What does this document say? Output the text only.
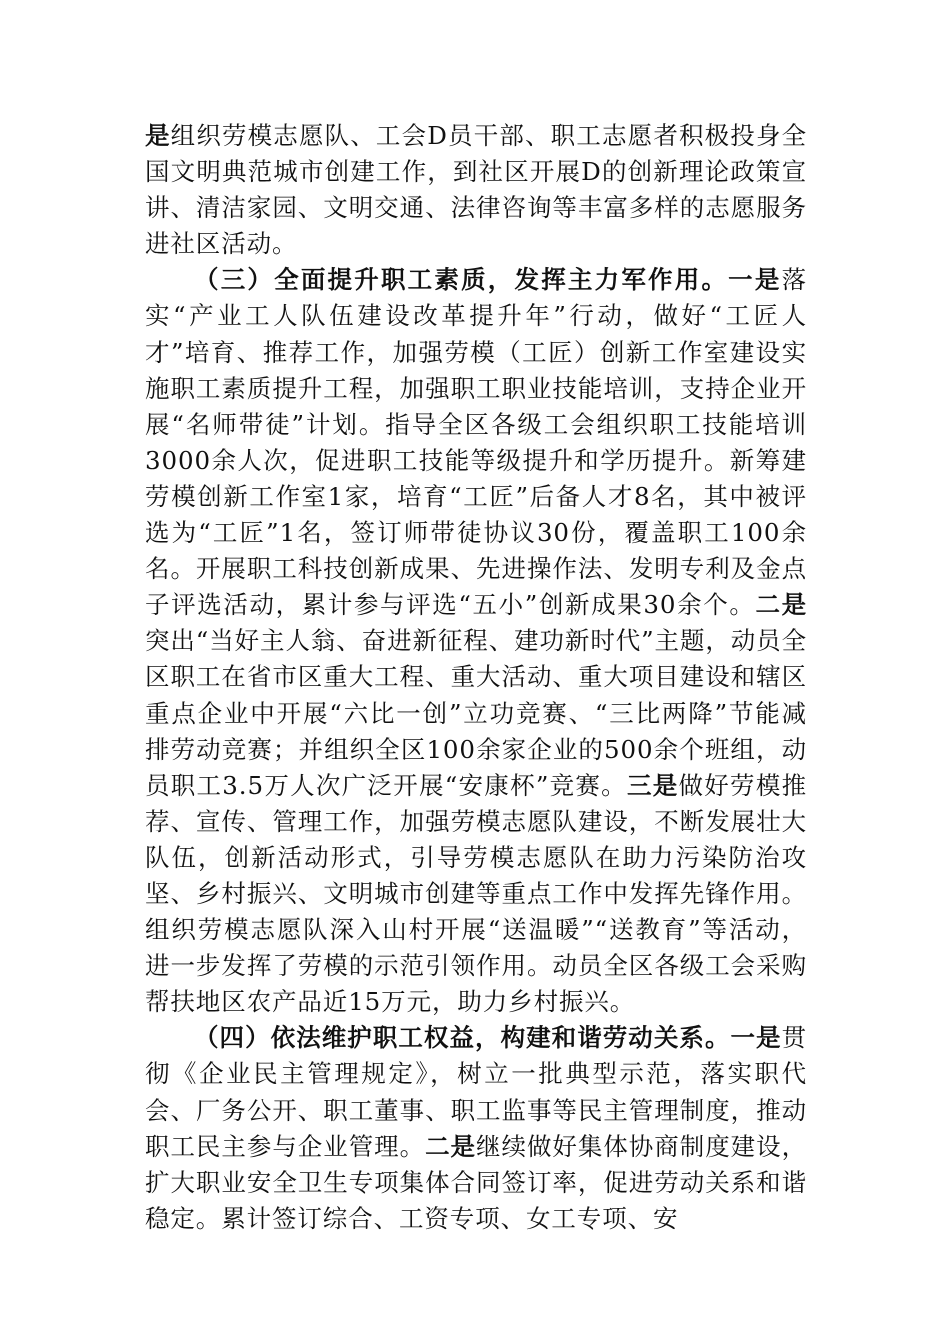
是组织劳模志愿队、工会D员干部、职工志愿者积极投身全国文明典范城市创建工作，到社区开展D的创新理论政策宣讲、清洁家园、文明交通、法律咨询等丰富多样的志愿服务进社区活动。

（三）全面提升职工素质，发挥主力军作用。一是落实“产业工人队伍建设改革提升年”行动，做好“工匠人才”培育、推荐工作，加强劳模（工匠）创新工作室建设实施职工素质提升工程，加强职工职业技能培训，支持企业开展“名师带徒”计划。指导全区各级工会组织职工技能培训3000余人次，促进职工技能等级提升和学历提升。新筹建劳模创新工作室1家，培育“工匠”后备人才8名，其中被评选为“工匠”1名，签订师带徒协议30份，覆盖职工100余名。开展职工科技创新成果、先进操作法、发明专利及金点子评选活动，累计参与评选“五小”创新成果30余个。二是突出“当好主人翁、奋进新征程、建功新时代”主题，动员全区职工在省市区重大工程、重大活动、重大项目建设和辖区重点企业中开展“六比一创”立功竞赛、“三比两降”节能减排劳动竞赛；并组织全区100余家企业的500余个班组，动员职工3.5万人次广泛开展“安康杯”竞赛。三是做好劳模推荐、宣传、管理工作，加强劳模志愿队建设，不断发展壮大队伍，创新活动形式，引导劳模志愿队在助力污染防治攻坚、乡村振兴、文明城市创建等重点工作中发挥先锋作用。组织劳模志愿队深入山村开展“送温暖”“送教育”等活动，进一步发挥了劳模的示范引领作用。动员全区各级工会采购帮扶地区农产品近15万元，助力乡村振兴。

（四）依法维护职工权益，构建和谐劳动关系。一是贯彻《企业民主管理规定》，树立一批典型示范，落实职代会、厂务公开、职工董事、职工监事等民主管理制度，推动职工民主参与企业管理。二是继续做好集体协商制度建设，扩大职业安全卫生专项集体合同签订率，促进劳动关系和谐稳定。累计签订综合、工资专项、女工专项、安
